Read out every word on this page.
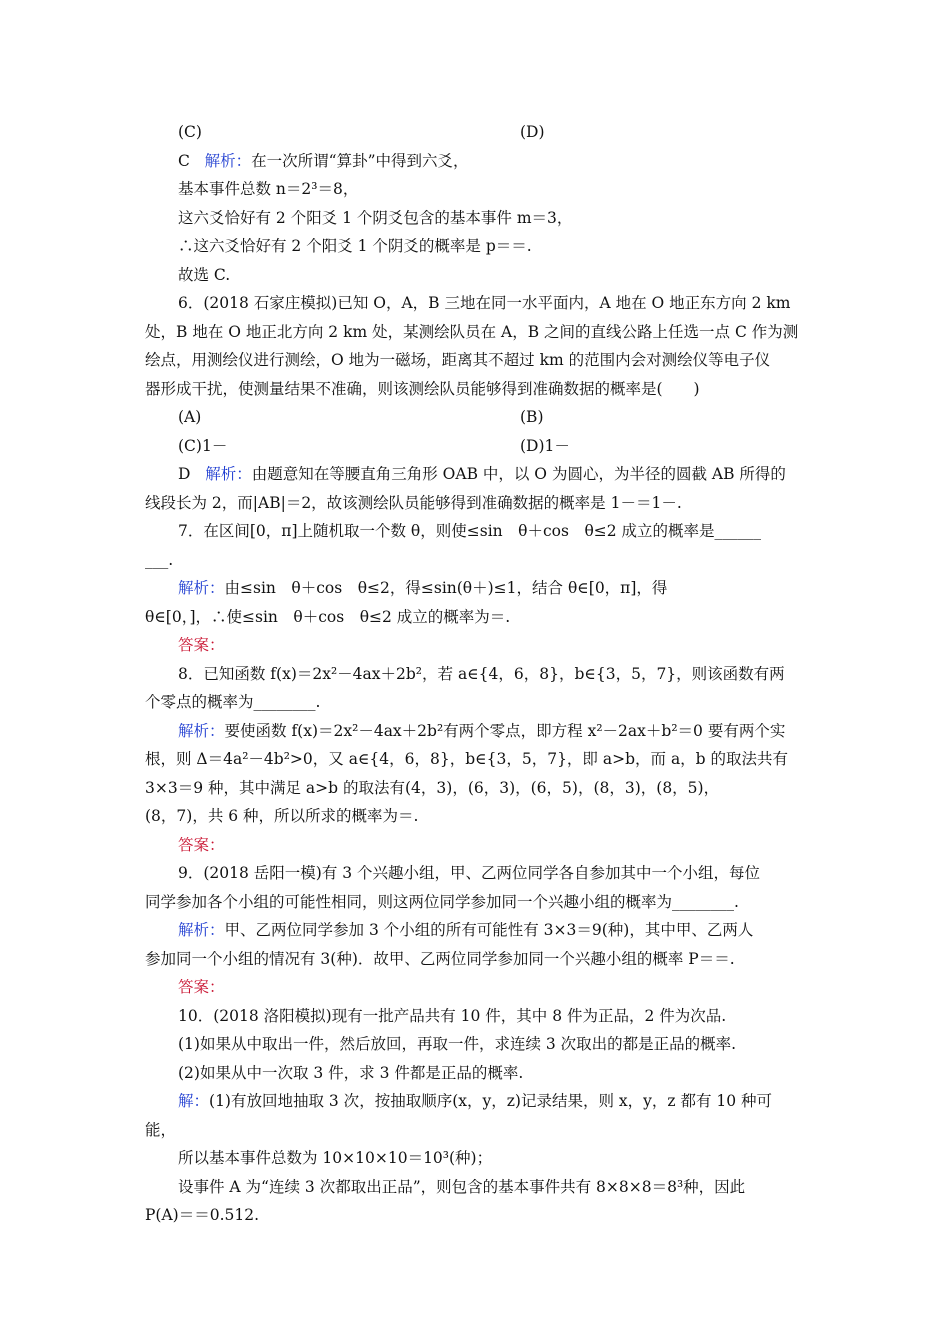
(C)	(D)
C 解析：在一次所谓“算卦”中得到六爻，
基本事件总数 n＝2³＝8，
这六爻恰好有 2 个阳爻 1 个阴爻包含的基本事件 m＝3，
∴这六爻恰好有 2 个阳爻 1 个阴爻的概率是 p＝＝.
故选 C.
6．(2018 石家庄模拟)已知 O，A，B 三地在同一水平面内，A 地在 O 地正东方向 2 km
处，B 地在 O 地正北方向 2 km 处，某测绘队员在 A，B 之间的直线公路上任选一点 C 作为测
绘点，用测绘仪进行测绘，O 地为一磁场，距离其不超过 km 的范围内会对测绘仪等电子仪
器形成干扰，使测量结果不准确，则该测绘队员能够得到准确数据的概率是(　　)
(A)	(B)
(C)1－	(D)1－
D 解析：由题意知在等腰直角三角形 OAB 中，以 O 为圆心，为半径的圆截 AB 所得的
线段长为 2，而|AB|＝2，故该测绘队员能够得到准确数据的概率是 1－＝1－.
7．在区间[0，π]上随机取一个数 θ，则使≤sin　θ＋cos　θ≤2 成立的概率是______
___.
解析：由≤sin　θ＋cos　θ≤2，得≤sin(θ＋)≤1，结合 θ∈[0，π]，得
θ∈[0，]，∴使≤sin　θ＋cos　θ≤2 成立的概率为＝.
答案：
8．已知函数 f(x)＝2x²－4ax＋2b²，若 a∈{4，6，8}，b∈{3，5，7}，则该函数有两
个零点的概率为________.
解析：要使函数 f(x)＝2x²－4ax＋2b²有两个零点，即方程 x²－2ax＋b²＝0 要有两个实
根，则 Δ＝4a²－4b²>0，又 a∈{4，6，8}，b∈{3，5，7}，即 a>b，而 a，b 的取法共有
3×3＝9 种，其中满足 a>b 的取法有(4，3)，(6，3)，(6，5)，(8，3)，(8，5)，
(8，7)，共 6 种，所以所求的概率为＝.
答案：
9．(2018 岳阳一模)有 3 个兴趣小组，甲、乙两位同学各自参加其中一个小组，每位
同学参加各个小组的可能性相同，则这两位同学参加同一个兴趣小组的概率为________.
解析：甲、乙两位同学参加 3 个小组的所有可能性有 3×3＝9(种)，其中甲、乙两人
参加同一个小组的情况有 3(种)．故甲、乙两位同学参加同一个兴趣小组的概率 P＝＝.
答案：
10．(2018 洛阳模拟)现有一批产品共有 10 件，其中 8 件为正品，2 件为次品.
(1)如果从中取出一件，然后放回，再取一件，求连续 3 次取出的都是正品的概率.
(2)如果从中一次取 3 件，求 3 件都是正品的概率.
解：(1)有放回地抽取 3 次，按抽取顺序(x，y，z)记录结果，则 x，y，z 都有 10 种可
能，
所以基本事件总数为 10×10×10＝10³(种)；
设事件 A 为“连续 3 次都取出正品”，则包含的基本事件共有 8×8×8＝8³种，因此
P(A)＝＝0.512.
